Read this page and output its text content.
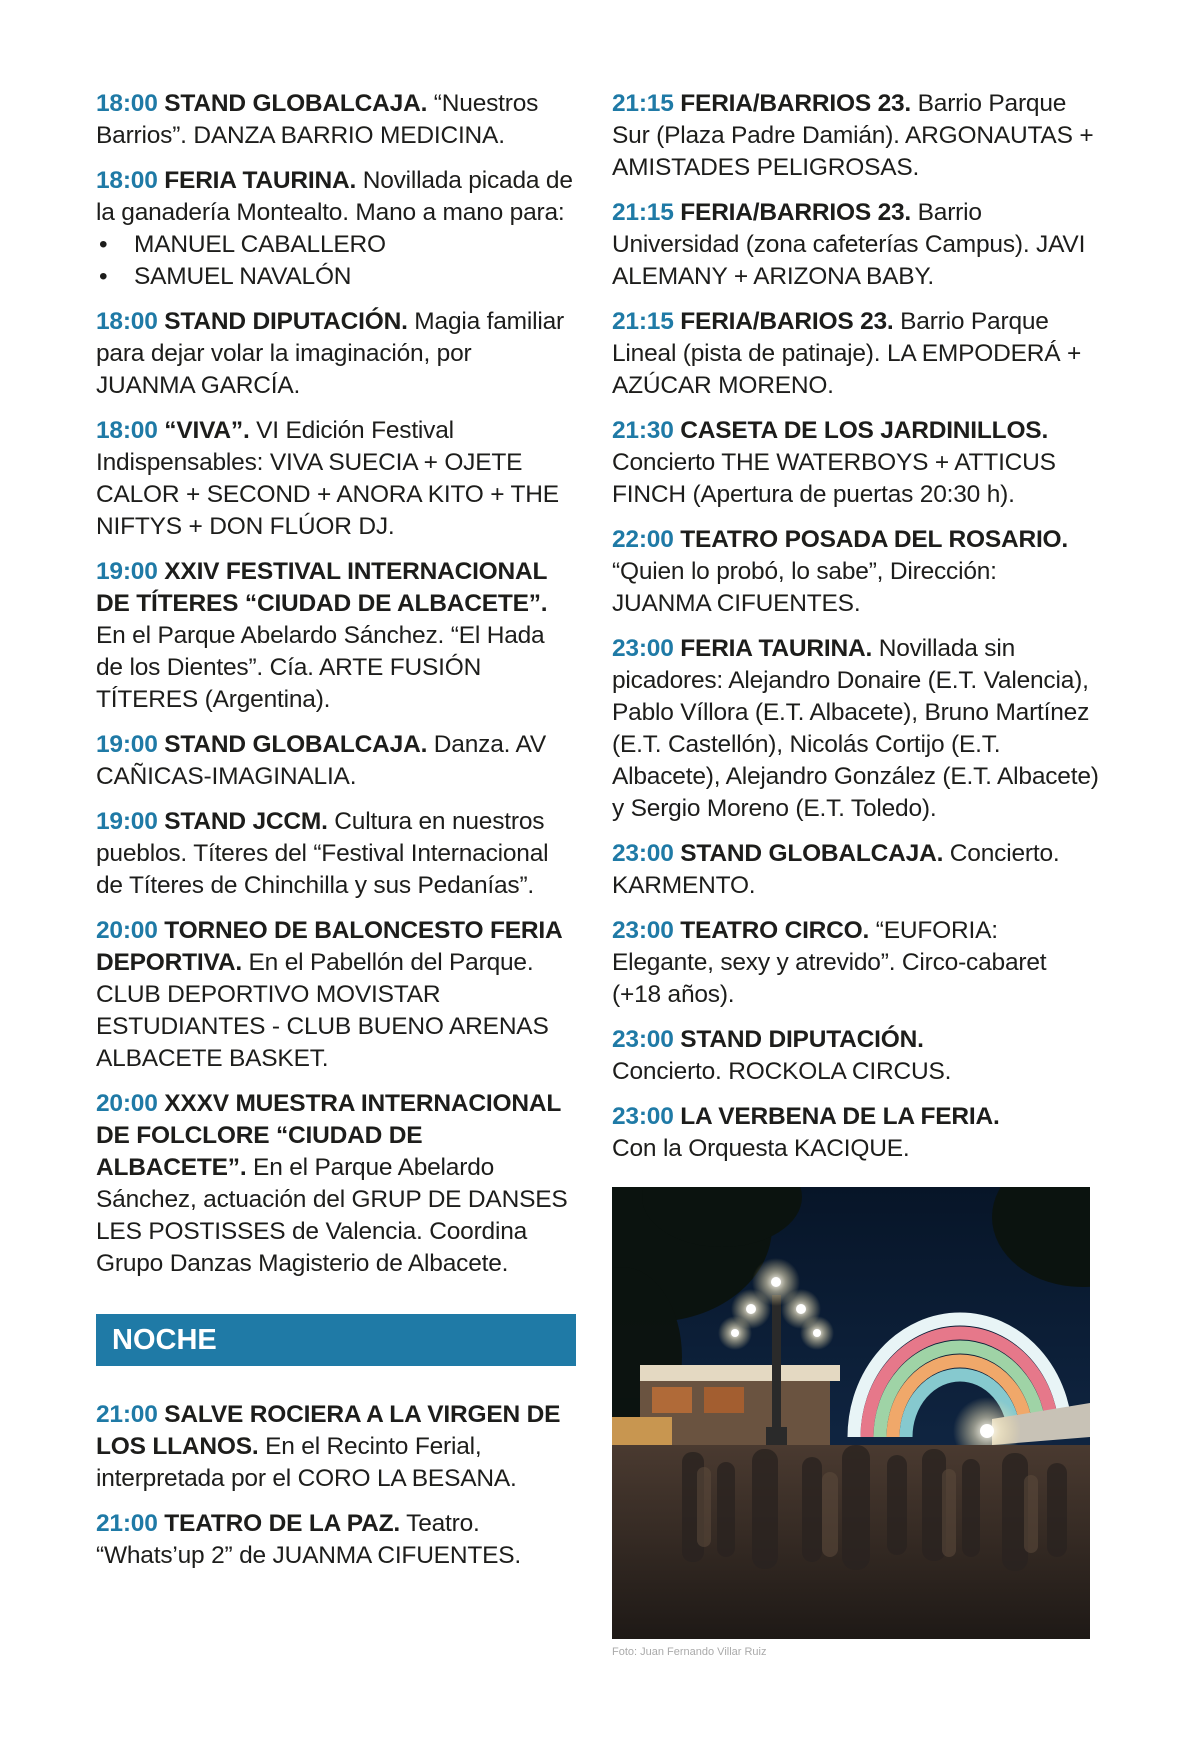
18:00 STAND GLOBALCAJA. “Nuestros Barrios”. DANZA BARRIO MEDICINA.
18:00 FERIA TAURINA. Novillada picada de la ganadería Montealto. Mano a mano para:
• MANUEL CABALLERO
• SAMUEL NAVALÓN
18:00 STAND DIPUTACIÓN. Magia familiar para dejar volar la imaginación, por JUANMA GARCÍA.
18:00 “VIVA”. VI Edición Festival Indispensables: VIVA SUECIA + OJETE CALOR + SECOND + ANORA KITO + THE NIFTYS + DON FLÚOR DJ.
19:00 XXIV FESTIVAL INTERNACIONAL DE TÍTERES “CIUDAD DE ALBACETE”. En el Parque Abelardo Sánchez. “El Hada de los Dientes”. Cía. ARTE FUSIÓN TÍTERES (Argentina).
19:00 STAND GLOBALCAJA. Danza. AV CAÑICAS-IMAGINALIA.
19:00 STAND JCCM. Cultura en nuestros pueblos. Títeres del “Festival Internacional de Títeres de Chinchilla y sus Pedanías”.
20:00 TORNEO DE BALONCESTO FERIA DEPORTIVA. En el Pabellón del Parque. CLUB DEPORTIVO MOVISTAR ESTUDIANTES - CLUB BUENO ARENAS ALBACETE BASKET.
20:00 XXXV MUESTRA INTERNACIONAL DE FOLCLORE “CIUDAD DE ALBACETE”. En el Parque Abelardo Sánchez, actuación del GRUP DE DANSES LES POSTISSES de Valencia. Coordina Grupo Danzas Magisterio de Albacete.
NOCHE
21:00 SALVE ROCIERA A LA VIRGEN DE LOS LLANOS. En el Recinto Ferial, interpretada por el CORO LA BESANA.
21:00 TEATRO DE LA PAZ. Teatro. “Whats’up 2” de JUANMA CIFUENTES.
21:15 FERIA/BARRIOS 23. Barrio Parque Sur (Plaza Padre Damián). ARGONAUTAS + AMISTADES PELIGROSAS.
21:15 FERIA/BARRIOS 23. Barrio Universidad (zona cafeterías Campus). JAVI ALEMANY + ARIZONA BABY.
21:15 FERIA/BARIOS 23. Barrio Parque Lineal (pista de patinaje). LA EMPODERÁ + AZÚCAR MORENO.
21:30 CASETA DE LOS JARDINILLOS.
Concierto THE WATERBOYS + ATTICUS FINCH (Apertura de puertas 20:30 h).
22:00 TEATRO POSADA DEL ROSARIO.
“Quien lo probó, lo sabe”, Dirección: JUANMA CIFUENTES.
23:00 FERIA TAURINA. Novillada sin picadores: Alejandro Donaire (E.T. Valencia), Pablo Víllora (E.T. Albacete), Bruno Martínez (E.T. Castellón), Nicolás Cortijo (E.T. Albacete), Alejandro González (E.T. Albacete) y Sergio Moreno (E.T. Toledo).
23:00 STAND GLOBALCAJA. Concierto. KARMENTO.
23:00 TEATRO CIRCO. “EUFORIA: Elegante, sexy y atrevido”. Circo-cabaret (+18 años).
23:00 STAND DIPUTACIÓN.
Concierto. ROCKOLA CIRCUS.
23:00 LA VERBENA DE LA FERIA.
Con la Orquesta KACIQUE.
Foto: Juan Fernando Villar Ruiz
